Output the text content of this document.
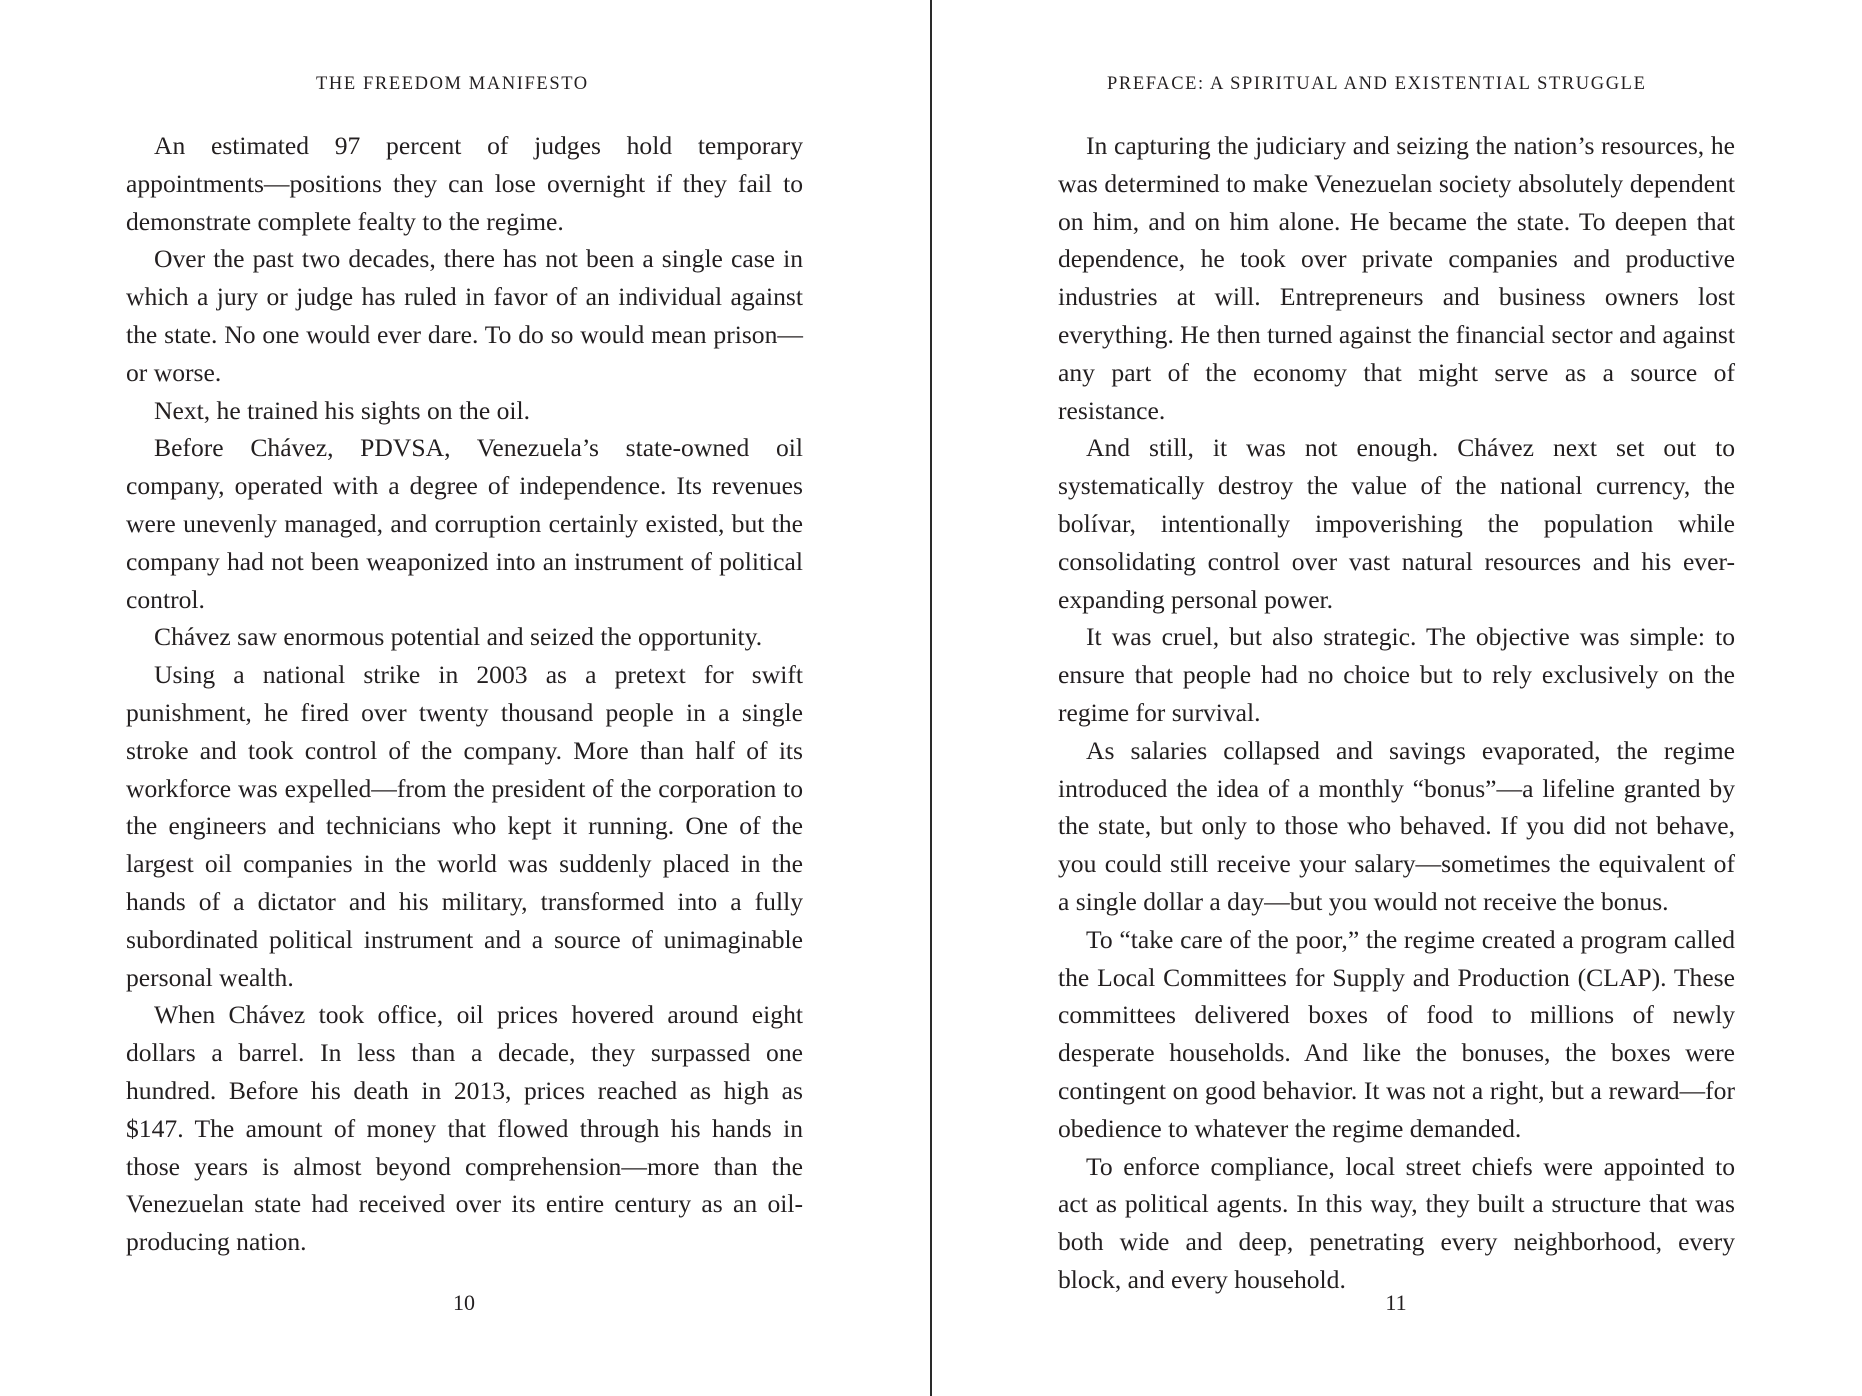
THE FREEDOM MANIFESTO

An estimated 97 percent of judges hold temporary appointments—positions they can lose overnight if they fail to demonstrate complete fealty to the regime.

Over the past two decades, there has not been a single case in which a jury or judge has ruled in favor of an individual against the state. No one would ever dare. To do so would mean prison—or worse.

Next, he trained his sights on the oil.

Before Chávez, PDVSA, Venezuela’s state-owned oil company, operated with a degree of independence. Its revenues were unevenly managed, and corruption certainly existed, but the company had not been weaponized into an instrument of political control.

Chávez saw enormous potential and seized the opportunity.

Using a national strike in 2003 as a pretext for swift punishment, he fired over twenty thousand people in a single stroke and took control of the company. More than half of its workforce was expelled—from the president of the corporation to the engineers and technicians who kept it running. One of the largest oil companies in the world was suddenly placed in the hands of a dictator and his military, transformed into a fully subordinated political instrument and a source of unimaginable personal wealth.

When Chávez took office, oil prices hovered around eight dollars a barrel. In less than a decade, they surpassed one hundred. Before his death in 2013, prices reached as high as $147. The amount of money that flowed through his hands in those years is almost beyond comprehension—more than the Venezuelan state had received over its entire century as an oil-producing nation.

10
PREFACE: A SPIRITUAL AND EXISTENTIAL STRUGGLE

In capturing the judiciary and seizing the nation’s resources, he was determined to make Venezuelan society absolutely dependent on him, and on him alone. He became the state. To deepen that dependence, he took over private companies and productive industries at will. Entrepreneurs and business owners lost everything. He then turned against the financial sector and against any part of the economy that might serve as a source of resistance.

And still, it was not enough. Chávez next set out to systematically destroy the value of the national currency, the bolívar, intentionally impoverishing the population while consolidating control over vast natural resources and his ever-expanding personal power.

It was cruel, but also strategic. The objective was simple: to ensure that people had no choice but to rely exclusively on the regime for survival.

As salaries collapsed and savings evaporated, the regime introduced the idea of a monthly “bonus”—a lifeline granted by the state, but only to those who behaved. If you did not behave, you could still receive your salary—sometimes the equivalent of a single dollar a day—but you would not receive the bonus.

To “take care of the poor,” the regime created a program called the Local Committees for Supply and Production (CLAP). These committees delivered boxes of food to millions of newly desperate households. And like the bonuses, the boxes were contingent on good behavior. It was not a right, but a reward—for obedience to whatever the regime demanded.

To enforce compliance, local street chiefs were appointed to act as political agents. In this way, they built a structure that was both wide and deep, penetrating every neighborhood, every block, and every household.

11
